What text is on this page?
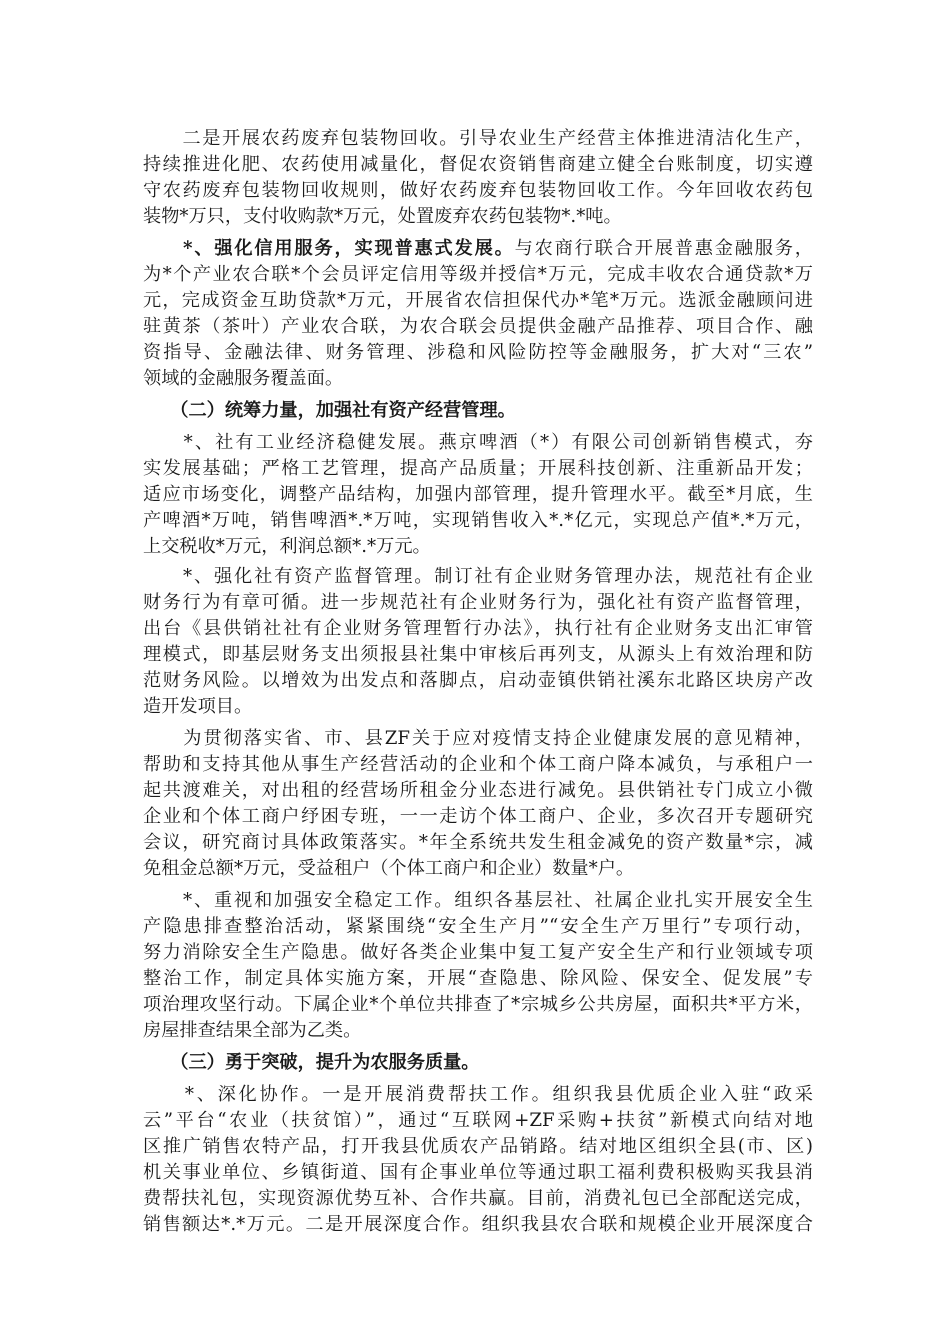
　　二是开展农药废弃包装物回收。引导农业生产经营主体推进清洁化生产，
持续推进化肥、农药使用减量化，督促农资销售商建立健全台账制度，切实遵
守农药废弃包装物回收规则，做好农药废弃包装物回收工作。今年回收农药包
装物*万只，支付收购款*万元，处置废弃农药包装物*.*吨。
　　*、强化信用服务，实现普惠式发展。与农商行联合开展普惠金融服务，
为*个产业农合联*个会员评定信用等级并授信*万元，完成丰收农合通贷款*万
元，完成资金互助贷款*万元，开展省农信担保代办*笔*万元。选派金融顾问进
驻黄茶（茶叶）产业农合联，为农合联会员提供金融产品推荐、项目合作、融
资指导、金融法律、财务管理、涉稳和风险防控等金融服务，扩大对“三农”
领域的金融服务覆盖面。
　　（二）统筹力量，加强社有资产经营管理。
　　*、社有工业经济稳健发展。燕京啤酒（*）有限公司创新销售模式，夯
实发展基础；严格工艺管理，提高产品质量；开展科技创新、注重新品开发；
适应市场变化，调整产品结构，加强内部管理，提升管理水平。截至*月底，生
产啤酒*万吨，销售啤酒*.*万吨，实现销售收入*.*亿元，实现总产值*.*万元，
上交税收*万元，利润总额*.*万元。
　　*、强化社有资产监督管理。制订社有企业财务管理办法，规范社有企业
财务行为有章可循。进一步规范社有企业财务行为，强化社有资产监督管理，
出台《县供销社社有企业财务管理暂行办法》，执行社有企业财务支出汇审管
理模式，即基层财务支出须报县社集中审核后再列支，从源头上有效治理和防
范财务风险。以增效为出发点和落脚点，启动壶镇供销社溪东北路区块房产改
造开发项目。
　　为贯彻落实省、市、县ZF关于应对疫情支持企业健康发展的意见精神，
帮助和支持其他从事生产经营活动的企业和个体工商户降本减负，与承租户一
起共渡难关，对出租的经营场所租金分业态进行减免。县供销社专门成立小微
企业和个体工商户纾困专班，一一走访个体工商户、企业，多次召开专题研究
会议，研究商讨具体政策落实。*年全系统共发生租金减免的资产数量*宗，减
免租金总额*万元，受益租户（个体工商户和企业）数量*户。
　　*、重视和加强安全稳定工作。组织各基层社、社属企业扎实开展安全生
产隐患排查整治活动，紧紧围绕“安全生产月”“安全生产万里行”专项行动，
努力消除安全生产隐患。做好各类企业集中复工复产安全生产和行业领域专项
整治工作，制定具体实施方案，开展“查隐患、除风险、保安全、促发展”专
项治理攻坚行动。下属企业*个单位共排查了*宗城乡公共房屋，面积共*平方米，
房屋排查结果全部为乙类。
　　（三）勇于突破，提升为农服务质量。
　　*、深化协作。一是开展消费帮扶工作。组织我县优质企业入驻“政采
云”平台“农业（扶贫馆）”，通过“互联网+ZF采购+扶贫”新模式向结对地
区推广销售农特产品，打开我县优质农产品销路。结对地区组织全县(市、区)
机关事业单位、乡镇街道、国有企事业单位等通过职工福利费积极购买我县消
费帮扶礼包，实现资源优势互补、合作共赢。目前，消费礼包已全部配送完成，
销售额达*.*万元。二是开展深度合作。组织我县农合联和规模企业开展深度合
